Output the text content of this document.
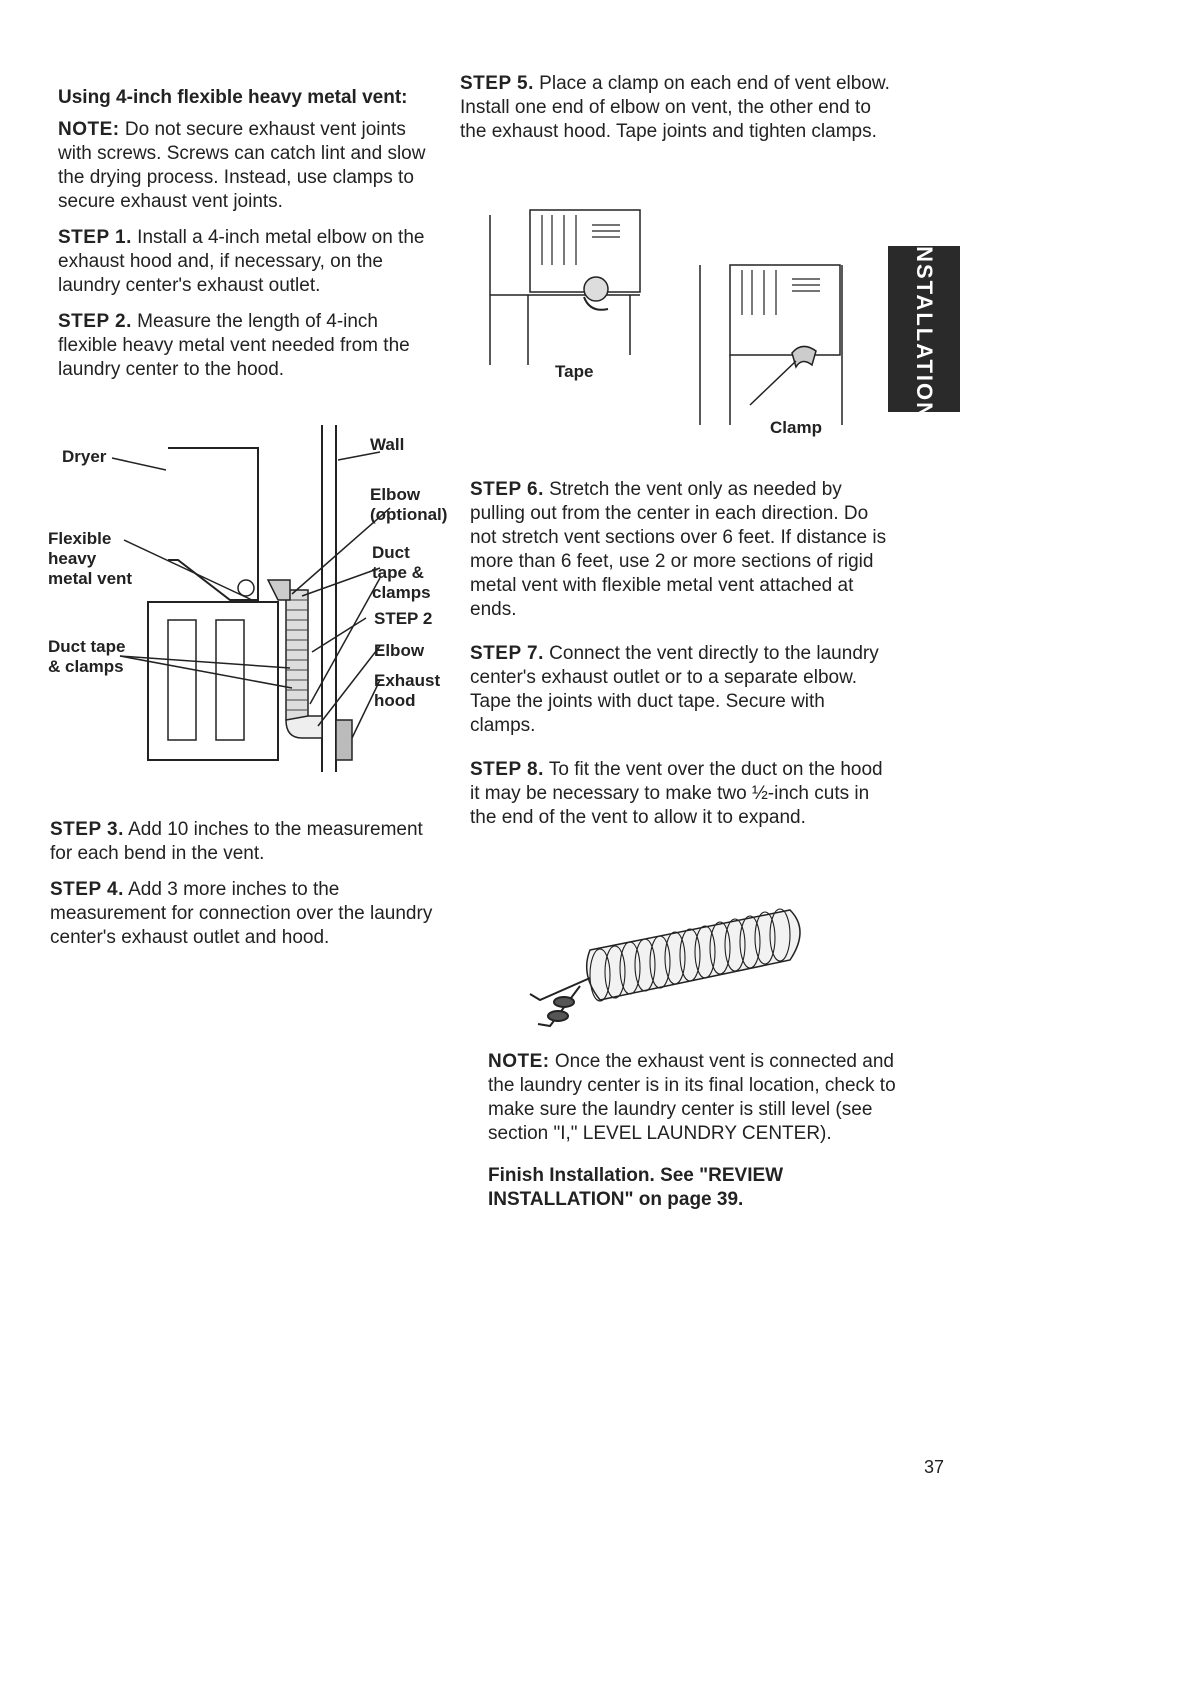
Using 4-inch flexible heavy metal vent:

NOTE: Do not secure exhaust vent joints with screws. Screws can catch lint and slow the drying process. Instead, use clamps to secure exhaust vent joints.

STEP 1. Install a 4-inch metal elbow on the exhaust hood and, if necessary, on the laundry center's exhaust outlet.

STEP 2. Measure the length of 4-inch flexible heavy metal vent needed from the laundry center to the hood.

Dryer
Flexible
heavy
metal vent
Duct tape
& clamps
Wall
Elbow
(optional)
Duct
tape &
clamps
STEP 2
Elbow
Exhaust
hood

STEP 3. Add 10 inches to the measurement for each bend in the vent.

STEP 4. Add 3 more inches to the measurement for connection over the laundry center's exhaust outlet and hood.

STEP 5. Place a clamp on each end of vent elbow. Install one end of elbow on vent, the other end to the exhaust hood. Tape joints and tighten clamps.

Tape
Clamp
INSTALLATION

STEP 6. Stretch the vent only as needed by pulling out from the center in each direction. Do not stretch vent sections over 6 feet. If distance is more than 6 feet, use 2 or more sections of rigid metal vent with flexible metal vent attached at ends.

STEP 7. Connect the vent directly to the laundry center's exhaust outlet or to a separate elbow. Tape the joints with duct tape. Secure with clamps.

STEP 8. To fit the vent over the duct on the hood it may be necessary to make two ½-inch cuts in the end of the vent to allow it to expand.

NOTE: Once the exhaust vent is connected and the laundry center is in its final location, check to make sure the laundry center is still level (see section "I," LEVEL LAUNDRY CENTER).

Finish Installation. See "REVIEW INSTALLATION" on page 39.

37
